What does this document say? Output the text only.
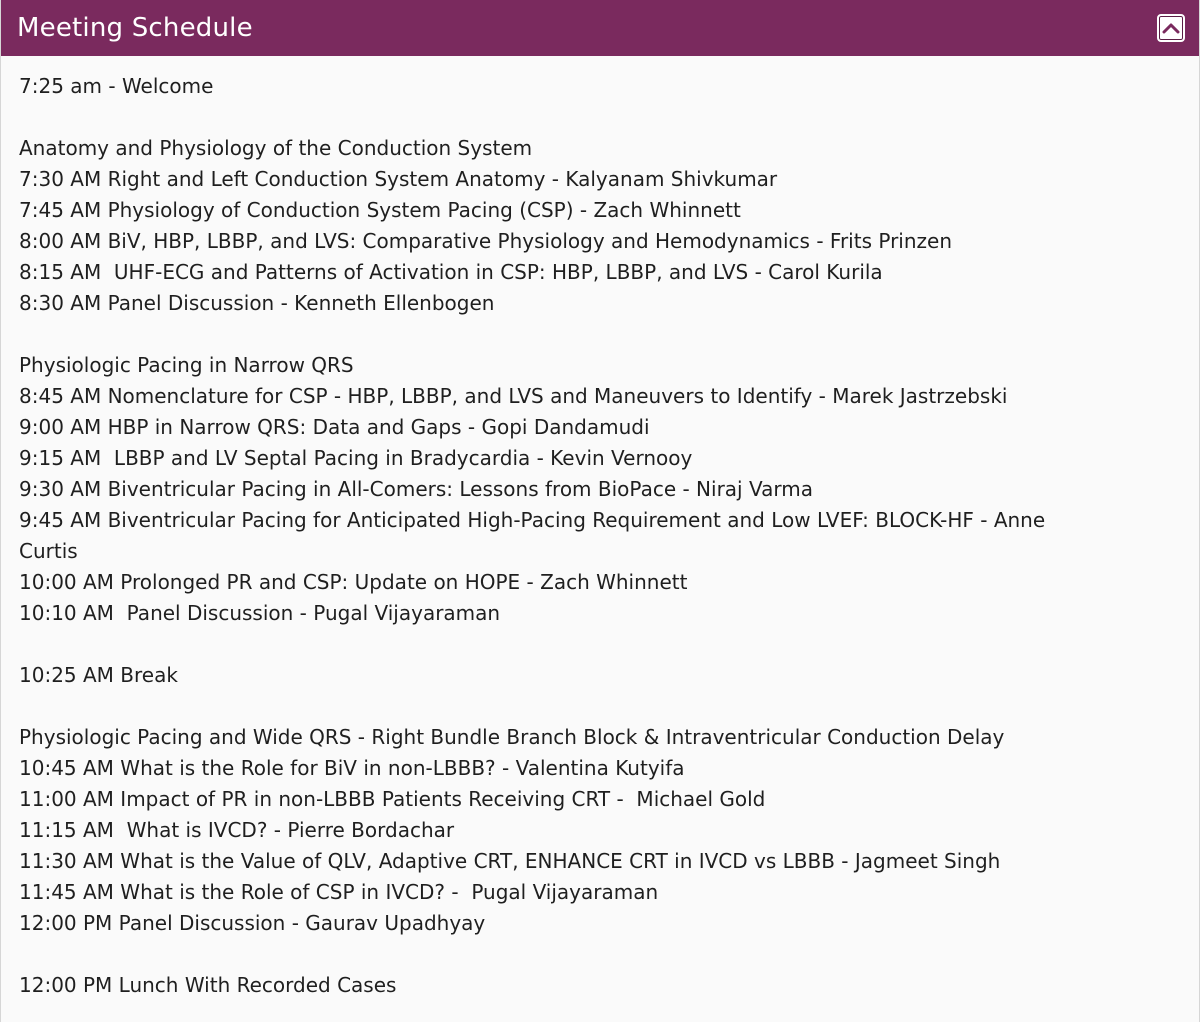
Meeting Schedule
7:25 am - Welcome
Anatomy and Physiology of the Conduction System
7:30 AM Right and Left Conduction System Anatomy - Kalyanam Shivkumar
7:45 AM Physiology of Conduction System Pacing (CSP) - Zach Whinnett
8:00 AM BiV, HBP, LBBP, and LVS: Comparative Physiology and Hemodynamics - Frits Prinzen
8:15 AM  UHF-ECG and Patterns of Activation in CSP: HBP, LBBP, and LVS - Carol Kurila
8:30 AM Panel Discussion - Kenneth Ellenbogen
Physiologic Pacing in Narrow QRS
8:45 AM Nomenclature for CSP - HBP, LBBP, and LVS and Maneuvers to Identify - Marek Jastrzebski
9:00 AM HBP in Narrow QRS: Data and Gaps - Gopi Dandamudi
9:15 AM  LBBP and LV Septal Pacing in Bradycardia - Kevin Vernooy
9:30 AM Biventricular Pacing in All-Comers: Lessons from BioPace - Niraj Varma
9:45 AM Biventricular Pacing for Anticipated High-Pacing Requirement and Low LVEF: BLOCK-HF - Anne
Curtis
10:00 AM Prolonged PR and CSP: Update on HOPE - Zach Whinnett
10:10 AM  Panel Discussion - Pugal Vijayaraman
10:25 AM Break
Physiologic Pacing and Wide QRS - Right Bundle Branch Block & Intraventricular Conduction Delay
10:45 AM What is the Role for BiV in non-LBBB? - Valentina Kutyifa
11:00 AM Impact of PR in non-LBBB Patients Receiving CRT -  Michael Gold
11:15 AM  What is IVCD? - Pierre Bordachar
11:30 AM What is the Value of QLV, Adaptive CRT, ENHANCE CRT in IVCD vs LBBB - Jagmeet Singh
11:45 AM What is the Role of CSP in IVCD? -  Pugal Vijayaraman
12:00 PM Panel Discussion - Gaurav Upadhyay
12:00 PM Lunch With Recorded Cases
